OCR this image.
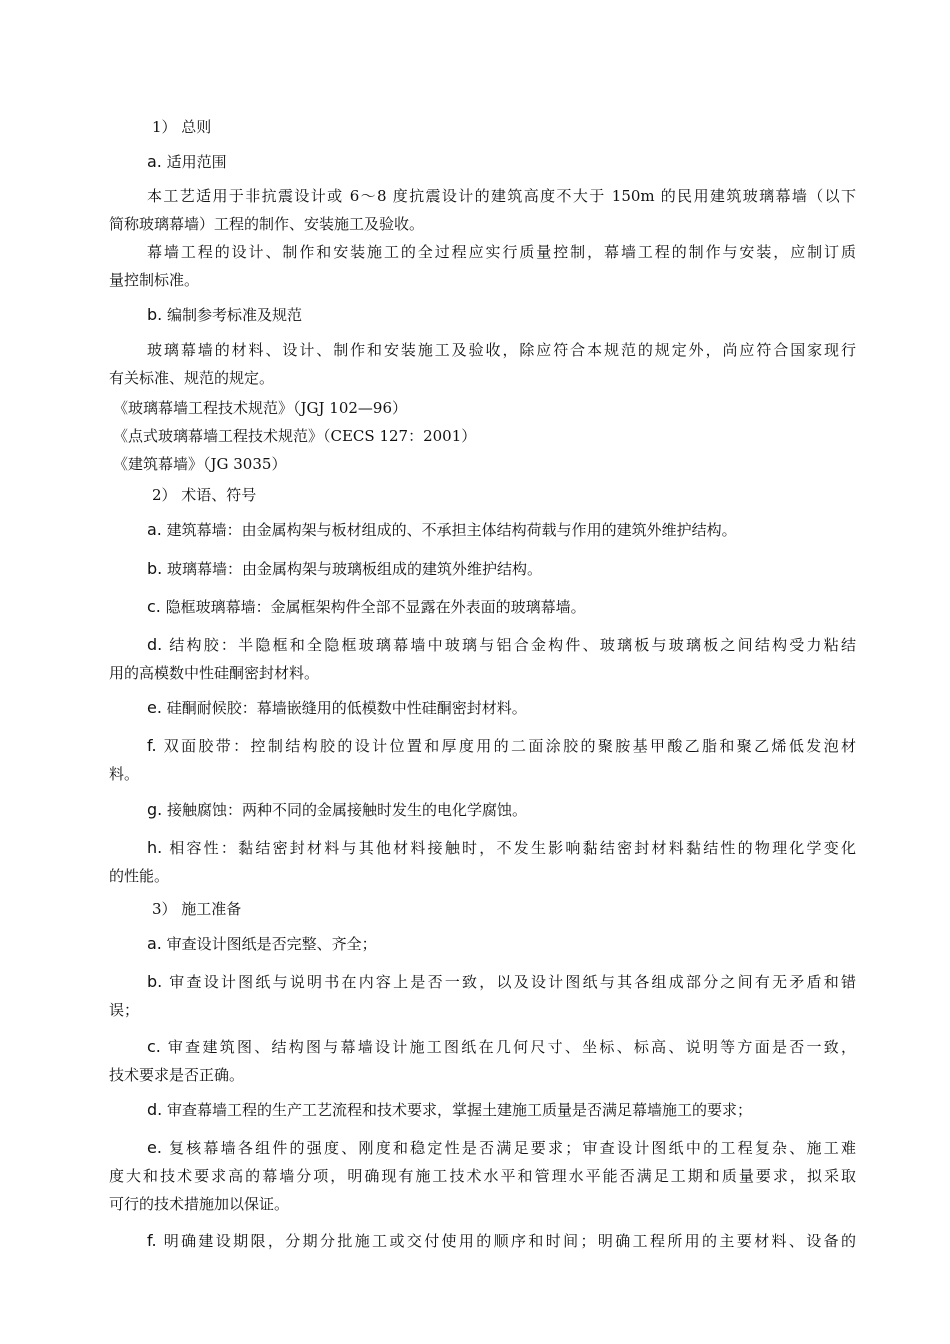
1） 总则
a. 适用范围
本工艺适用于非抗震设计或 6～8 度抗震设计的建筑高度不大于 150m 的民用建筑玻璃幕墙（以下
简称玻璃幕墙）工程的制作、安装施工及验收。
幕墙工程的设计、制作和安装施工的全过程应实行质量控制，幕墙工程的制作与安装，应制订质
量控制标准。
b. 编制参考标准及规范
玻璃幕墙的材料、设计、制作和安装施工及验收，除应符合本规范的规定外，尚应符合国家现行
有关标准、规范的规定。
《玻璃幕墙工程技术规范》（JGJ 102—96）
《点式玻璃幕墙工程技术规范》（CECS 127：2001）
《建筑幕墙》（JG 3035）
2） 术语、符号
a. 建筑幕墙：由金属构架与板材组成的、不承担主体结构荷载与作用的建筑外维护结构。
b. 玻璃幕墙：由金属构架与玻璃板组成的建筑外维护结构。
c. 隐框玻璃幕墙：金属框架构件全部不显露在外表面的玻璃幕墙。
d. 结构胶：半隐框和全隐框玻璃幕墙中玻璃与铝合金构件、玻璃板与玻璃板之间结构受力粘结
用的高模数中性硅酮密封材料。
e. 硅酮耐候胶：幕墙嵌缝用的低模数中性硅酮密封材料。
f. 双面胶带：控制结构胶的设计位置和厚度用的二面涂胶的聚胺基甲酸乙脂和聚乙烯低发泡材
料。
g. 接触腐蚀：两种不同的金属接触时发生的电化学腐蚀。
h. 相容性：黏结密封材料与其他材料接触时，不发生影响黏结密封材料黏结性的物理化学变化
的性能。
3） 施工准备
a. 审查设计图纸是否完整、齐全；
b. 审查设计图纸与说明书在内容上是否一致，以及设计图纸与其各组成部分之间有无矛盾和错
误；
c. 审查建筑图、结构图与幕墙设计施工图纸在几何尺寸、坐标、标高、说明等方面是否一致，
技术要求是否正确。
d. 审查幕墙工程的生产工艺流程和技术要求，掌握土建施工质量是否满足幕墙施工的要求；
e. 复核幕墙各组件的强度、刚度和稳定性是否满足要求；审查设计图纸中的工程复杂、施工难
度大和技术要求高的幕墙分项，明确现有施工技术水平和管理水平能否满足工期和质量要求，拟采取
可行的技术措施加以保证。
f. 明确建设期限，分期分批施工或交付使用的顺序和时间；明确工程所用的主要材料、设备的
